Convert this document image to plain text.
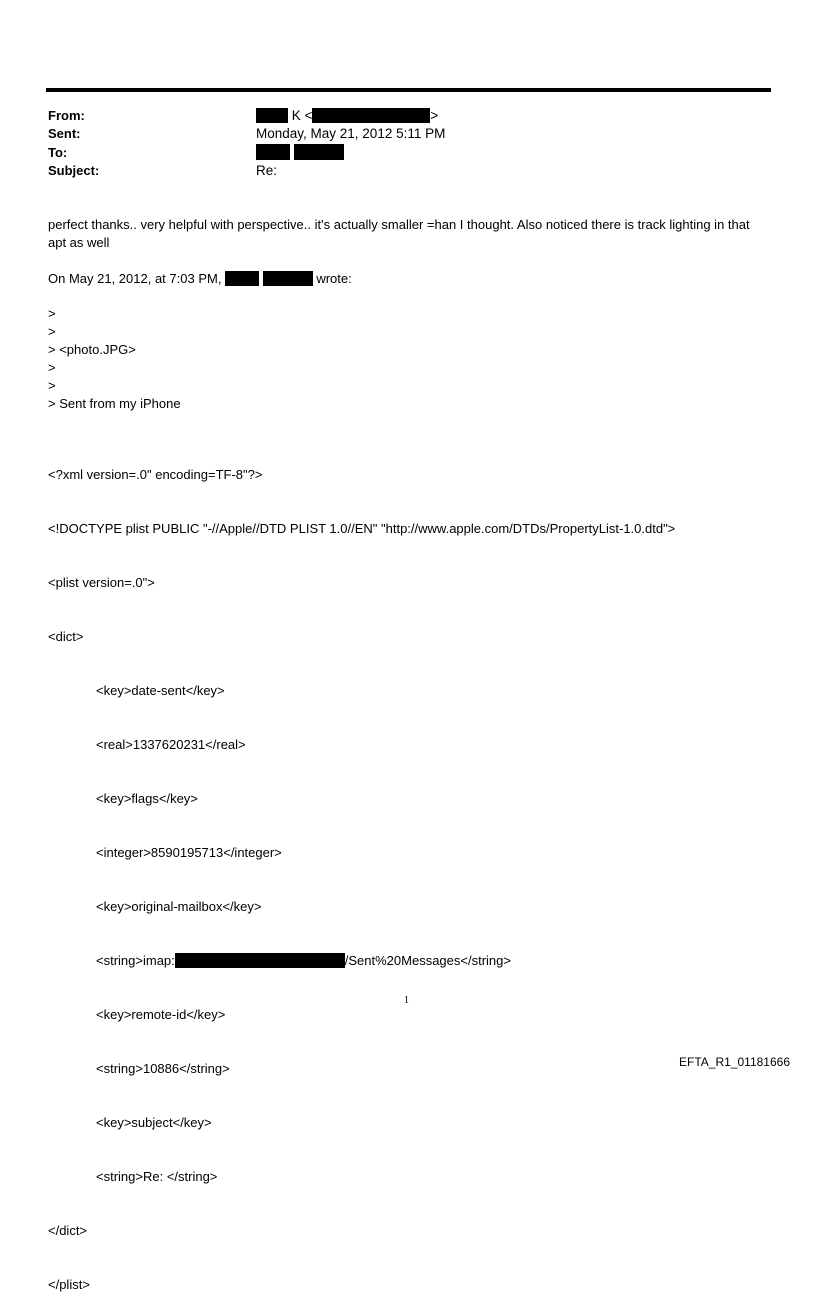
From:	K <	>
Sent:	Monday, May 21, 2012 5:11 PM
To:

Subject:	Re:
perfect thanks.. very helpful with perspective.. it's actually smaller =han I thought. Also noticed there is track lighting in that apt as well
On May 21, 2012, at 7:03 PM,	wrote:
>
>
> <photo.JPG>
>
>
> Sent from my iPhone

<?xml version=.0" encoding=TF-8"?>

<!DOCTYPE plist PUBLIC "-//Apple//DTD PLIST 1.0//EN" "http://www.apple.com/DTDs/PropertyList-1.0.dtd">

<plist version=.0">

<dict>

<key>date-sent</key>

<real>1337620231</real>

<key>flags</key>

<integer>8590195713</integer>

<key>original-mailbox</key>

<string>imap:	/Sent%20Messages</string>

<key>remote-id</key>

<string>10886</string>

<key>subject</key>

<string>Re: </string>

</dict>

</plist>

1
EFTA_R1_01181666
